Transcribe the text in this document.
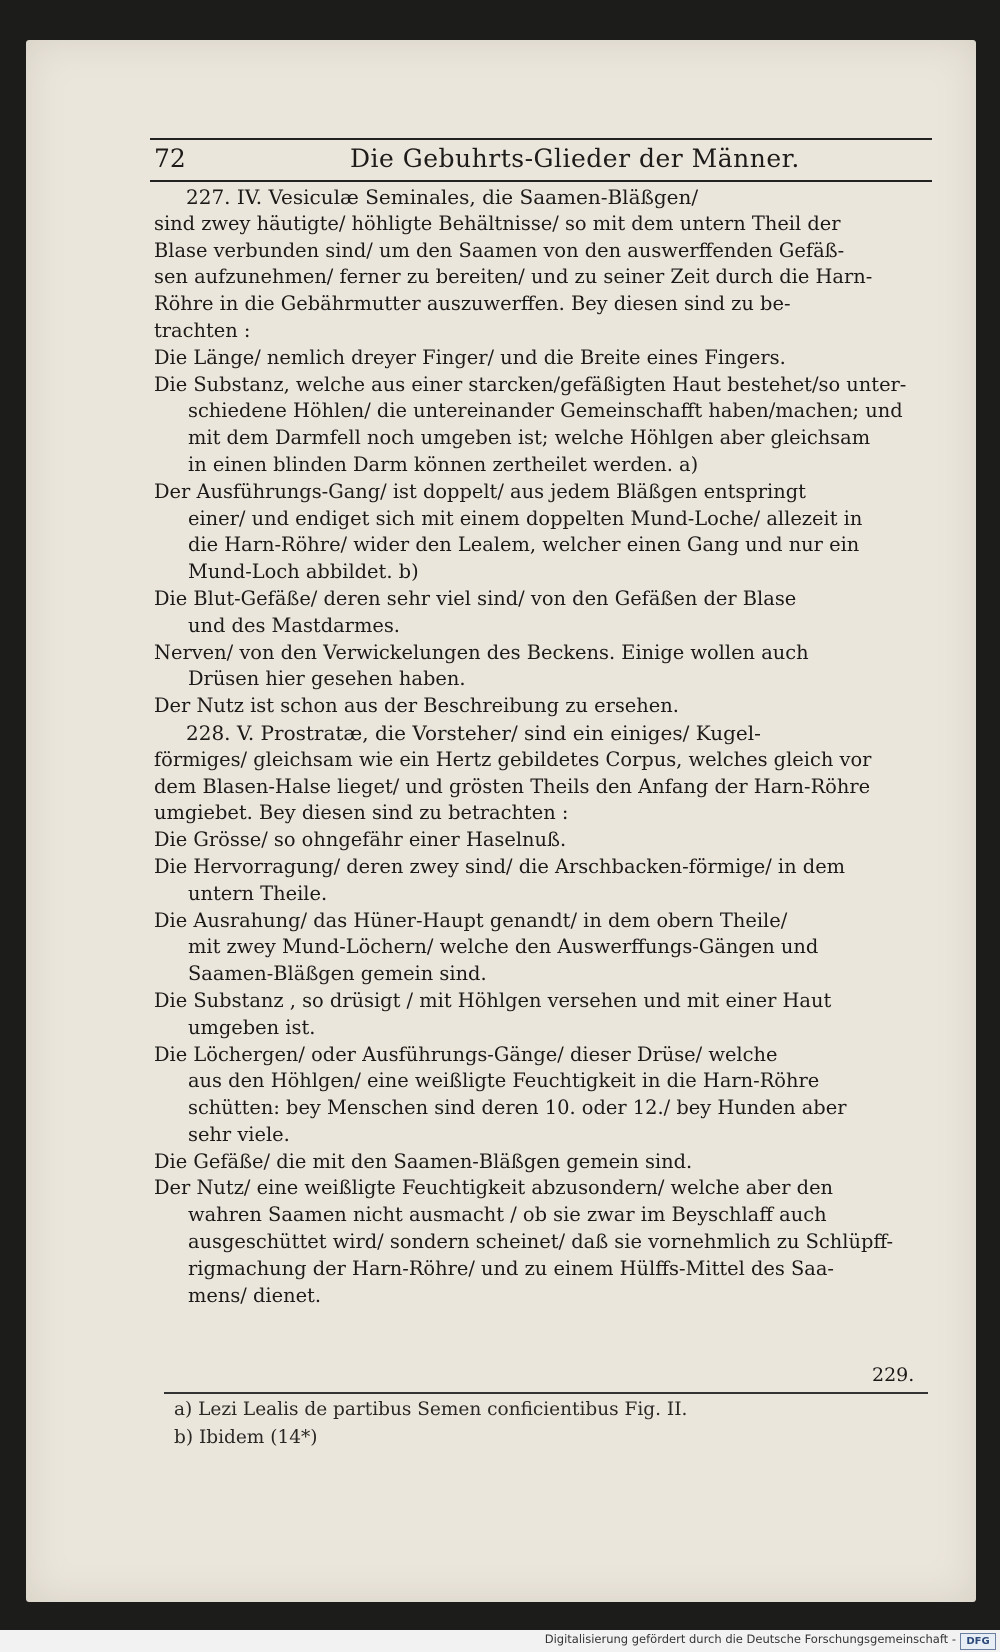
72	Die Gebuhrts-Glieder der Männer.
227. IV. Vesiculæ Seminales, die Saamen-Bläßgen/
sind zwey häutigte/ höhligte Behältnisse/ so mit dem untern Theil der
Blase verbunden sind/ um den Saamen von den auswerffenden Gefäß-
sen aufzunehmen/ ferner zu bereiten/ und zu seiner Zeit durch die Harn-
Röhre in die Gebährmutter auszuwerffen. Bey diesen sind zu be-
trachten :
Die Länge/ nemlich dreyer Finger/ und die Breite eines Fingers.
Die Substanz, welche aus einer starcken/gefäßigten Haut bestehet/so unter-
schiedene Höhlen/ die untereinander Gemeinschafft haben/machen; und
mit dem Darmfell noch umgeben ist; welche Höhlgen aber gleichsam
in einen blinden Darm können zertheilet werden. a)
Der Ausführungs-Gang/ ist doppelt/ aus jedem Bläßgen entspringt
einer/ und endiget sich mit einem doppelten Mund-Loche/ allezeit in
die Harn-Röhre/ wider den Lealem, welcher einen Gang und nur ein
Mund-Loch abbildet. b)
Die Blut-Gefäße/ deren sehr viel sind/ von den Gefäßen der Blase
und des Mastdarmes.
Nerven/ von den Verwickelungen des Beckens. Einige wollen auch
Drüsen hier gesehen haben.
Der Nutz ist schon aus der Beschreibung zu ersehen.
228. V. Prostratæ, die Vorsteher/ sind ein einiges/ Kugel-
förmiges/ gleichsam wie ein Hertz gebildetes Corpus, welches gleich vor
dem Blasen-Halse lieget/ und grösten Theils den Anfang der Harn-Röhre
umgiebet. Bey diesen sind zu betrachten :
Die Grösse/ so ohngefähr einer Haselnuß.
Die Hervorragung/ deren zwey sind/ die Arschbacken-förmige/ in dem
untern Theile.
Die Ausrahung/ das Hüner-Haupt genandt/ in dem obern Theile/
mit zwey Mund-Löchern/ welche den Auswerffungs-Gängen und
Saamen-Bläßgen gemein sind.
Die Substanz , so drüsigt / mit Höhlgen versehen und mit einer Haut
umgeben ist.
Die Löchergen/ oder Ausführungs-Gänge/ dieser Drüse/ welche
aus den Höhlgen/ eine weißligte Feuchtigkeit in die Harn-Röhre
schütten: bey Menschen sind deren 10. oder 12./ bey Hunden aber
sehr viele.
Die Gefäße/ die mit den Saamen-Bläßgen gemein sind.
Der Nutz/ eine weißligte Feuchtigkeit abzusondern/ welche aber den
wahren Saamen nicht ausmacht / ob sie zwar im Beyschlaff auch
ausgeschüttet wird/ sondern scheinet/ daß sie vornehmlich zu Schlüpff-
rigmachung der Harn-Röhre/ und zu einem Hülffs-Mittel des Saa-
mens/ dienet.
229.
a) Lezi Lealis de partibus Semen conficientibus Fig. II.
b) Ibidem (14*)
Digitalisierung gefördert durch die Deutsche Forschungsgemeinschaft -	DFG
